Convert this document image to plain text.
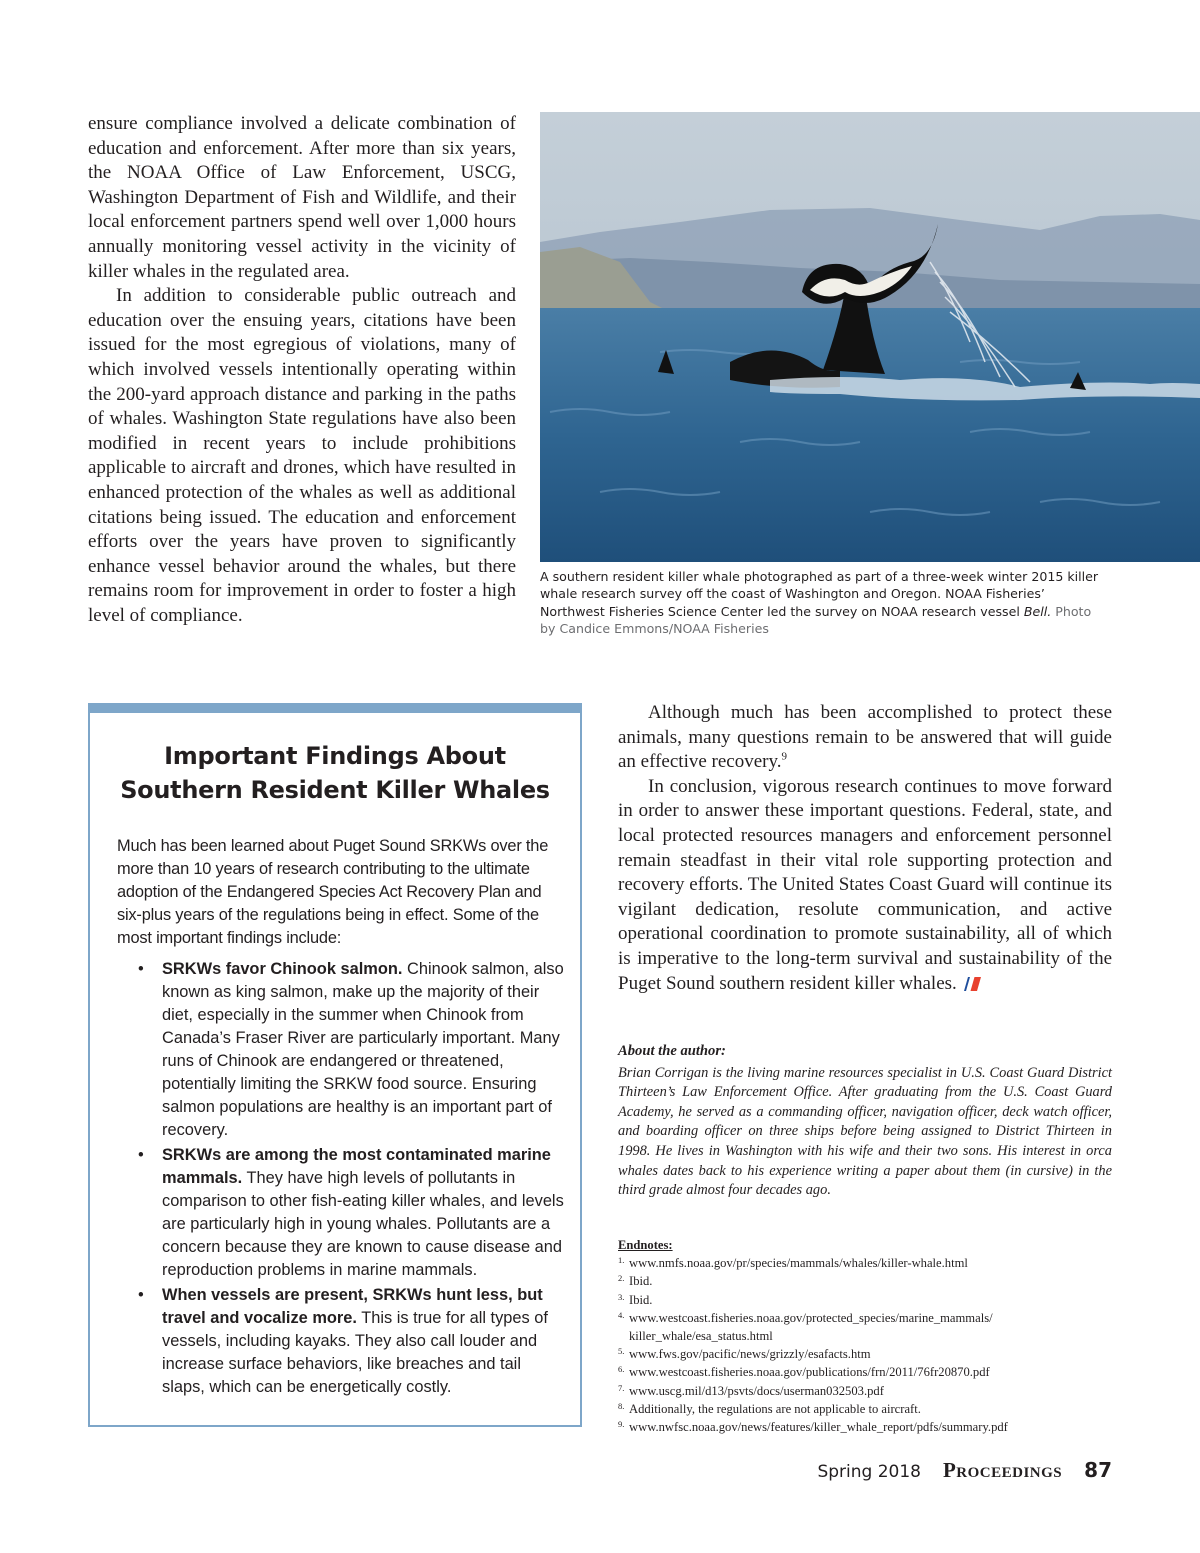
ensure compliance involved a delicate combination of education and enforcement. After more than six years, the NOAA Office of Law Enforcement, USCG, Washington Department of Fish and Wildlife, and their local enforcement partners spend well over 1,000 hours annually monitoring vessel activity in the vicinity of killer whales in the regulated area.

In addition to considerable public outreach and education over the ensuing years, citations have been issued for the most egregious of violations, many of which involved vessels intentionally operating within the 200-yard approach distance and parking in the paths of whales. Washington State regulations have also been modified in recent years to include prohibitions applicable to aircraft and drones, which have resulted in enhanced protection of the whales as well as additional citations being issued. The education and enforcement efforts over the years have proven to significantly enhance vessel behavior around the whales, but there remains room for improvement in order to foster a high level of compliance.

A southern resident killer whale photographed as part of a three-week winter 2015 killer whale research survey off the coast of Washington and Oregon. NOAA Fisheries’ Northwest Fisheries Science Center led the survey on NOAA research vessel Bell. Photo by Candice Emmons/NOAA Fisheries
Important Findings About
Southern Resident Killer Whales

Much has been learned about Puget Sound SRKWs over the more than 10 years of research contributing to the ultimate adoption of the Endangered Species Act Recovery Plan and six-plus years of the regulations being in effect. Some of the most important findings include:

• SRKWs favor Chinook salmon. Chinook salmon, also known as king salmon, make up the majority of their diet, especially in the summer when Chinook from Canada’s Fraser River are particularly important. Many runs of Chinook are endangered or threatened, potentially limiting the SRKW food source. Ensuring salmon populations are healthy is an important part of recovery.
• SRKWs are among the most contaminated marine mammals. They have high levels of pollutants in comparison to other fish-eating killer whales, and levels are particularly high in young whales. Pollutants are a concern because they are known to cause disease and reproduction problems in marine mammals.
• When vessels are present, SRKWs hunt less, but travel and vocalize more. This is true for all types of vessels, including kayaks. They also call louder and increase surface behaviors, like breaches and tail slaps, which can be energetically costly.

Although much has been accomplished to protect these animals, many questions remain to be answered that will guide an effective recovery.$^9$

In conclusion, vigorous research continues to move forward in order to answer these important questions. Federal, state, and local protected resources managers and enforcement personnel remain steadfast in their vital role supporting protection and recovery efforts. The United States Coast Guard will continue its vigilant dedication, resolute communication, and active operational coordination to promote sustainability, all of which is imperative to the long-term survival and sustainability of the Puget Sound southern resident killer whales.

About the author:
Brian Corrigan is the living marine resources specialist in U.S. Coast Guard District Thirteen’s Law Enforcement Office. After graduating from the U.S. Coast Guard Academy, he served as a commanding officer, navigation officer, deck watch officer, and boarding officer on three ships before being assigned to District Thirteen in 1998. He lives in Washington with his wife and their two sons. His interest in orca whales dates back to his experience writing a paper about them (in cursive) in the third grade almost four decades ago.
Endnotes:
1. www.nmfs.noaa.gov/pr/species/mammals/whales/killer-whale.html
2. Ibid.
3. Ibid.
4. www.westcoast.fisheries.noaa.gov/protected_species/marine_mammals/ killer_whale/esa_status.html
5. www.fws.gov/pacific/news/grizzly/esafacts.htm
6. www.westcoast.fisheries.noaa.gov/publications/frn/2011/76fr20870.pdf
7. www.uscg.mil/d13/psvts/docs/userman032503.pdf
8. Additionally, the regulations are not applicable to aircraft.
9. www.nwfsc.noaa.gov/news/features/killer_whale_report/pdfs/summary.pdf
Spring 2018 Proceedings 87
